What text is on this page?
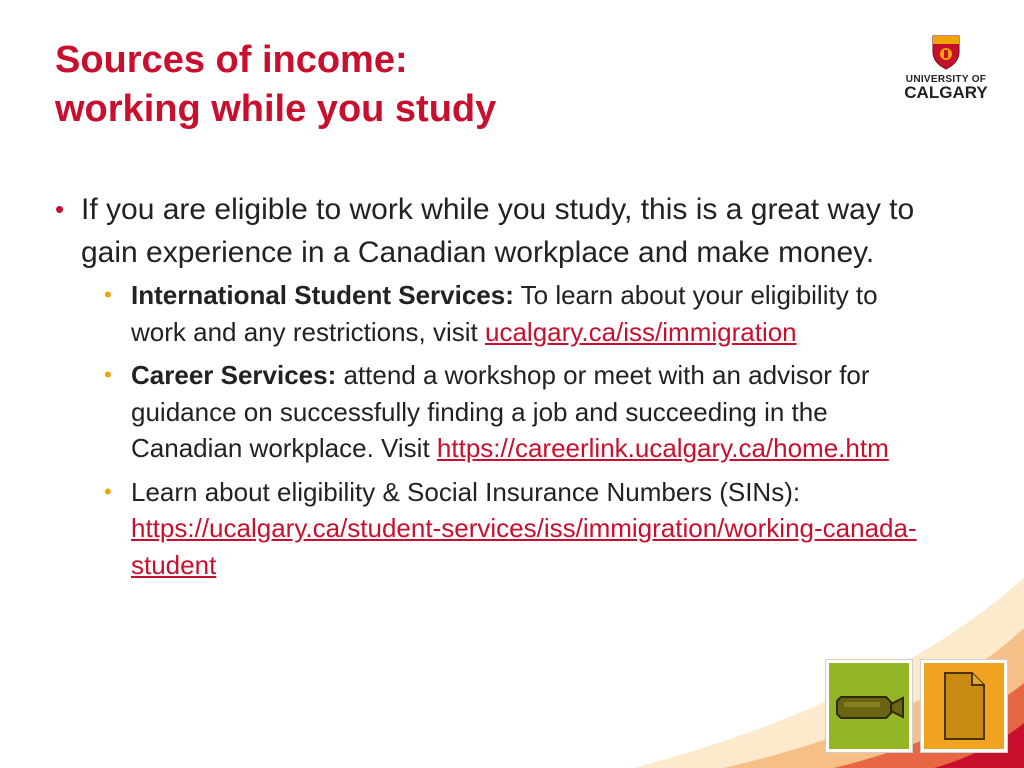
Sources of income:
working while you study
UNIVERSITY OF
CALGARY
• If you are eligible to work while you study, this is a great way to gain experience in a Canadian workplace and make money.
• International Student Services: To learn about your eligibility to work and any restrictions, visit ucalgary.ca/iss/immigration
• Career Services: attend a workshop or meet with an advisor for guidance on successfully finding a job and succeeding in the Canadian workplace. Visit https://careerlink.ucalgary.ca/home.htm
• Learn about eligibility & Social Insurance Numbers (SINs): https://ucalgary.ca/student-services/iss/immigration/working-canada-student
